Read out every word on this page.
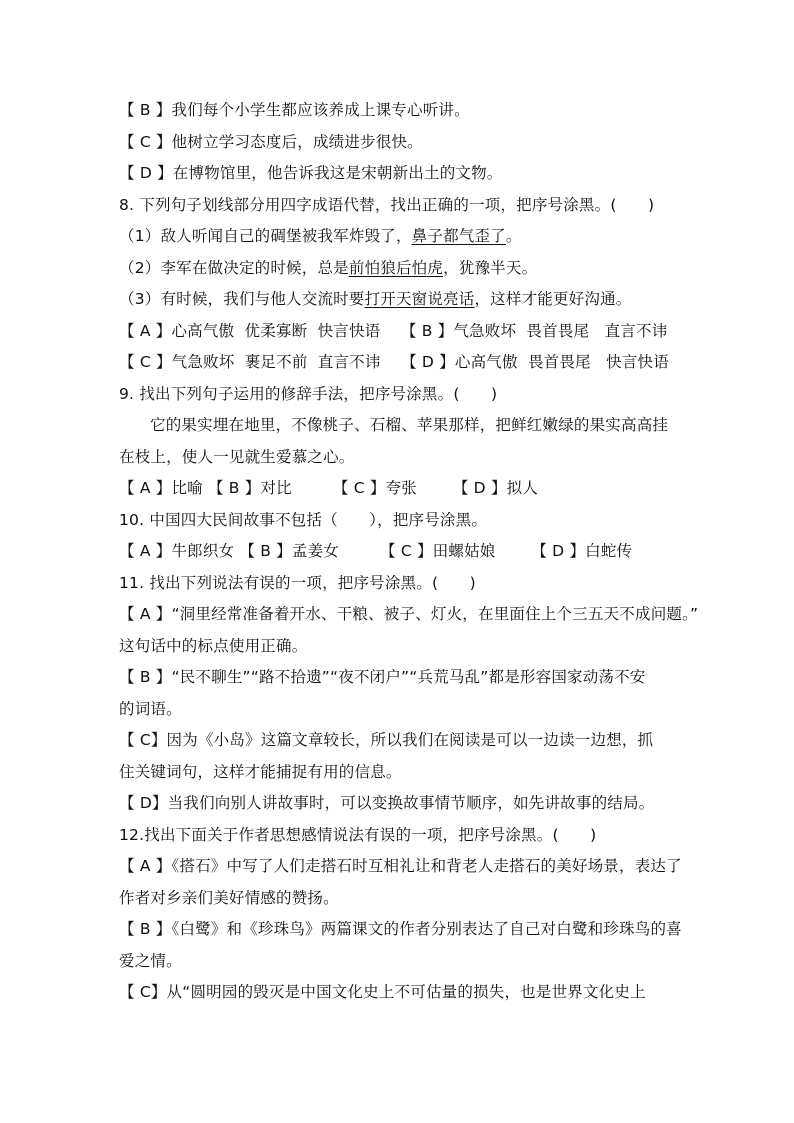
【 B 】我们每个小学生都应该养成上课专心听讲。
【 C 】他树立学习态度后，成绩进步很快。
【 D 】在博物馆里，他告诉我这是宋朝新出土的文物。
8. 下列句子划线部分用四字成语代替，找出正确的一项，把序号涂黑。(　　)
（1）敌人听闻自己的碉堡被我军炸毁了，鼻子都气歪了。
（2）李军在做决定的时候，总是前怕狼后怕虎，犹豫半天。
（3）有时候，我们与他人交流时要打开天窗说亮话，这样才能更好沟通。
【 A 】心高气傲  优柔寡断  快言快语    【 B 】气急败坏  畏首畏尾   直言不讳
【 C 】气急败坏  裹足不前  直言不讳    【 D 】心高气傲  畏首畏尾   快言快语
9. 找出下列句子运用的修辞手法，把序号涂黑。(　　)
它的果实埋在地里，不像桃子、石榴、苹果那样，把鲜红嫩绿的果实高高挂
在枝上，使人一见就生爱慕之心。
【 A 】比喻 【 B 】对比        【 C 】夸张       【 D 】拟人
10. 中国四大民间故事不包括（　　），把序号涂黑。
【 A 】牛郎织女 【 B 】孟姜女        【 C 】田螺姑娘       【 D 】白蛇传
11. 找出下列说法有误的一项，把序号涂黑。(　　)
【 A 】“洞里经常准备着开水、干粮、被子、灯火，在里面住上个三五天不成问题。”
这句话中的标点使用正确。
【 B 】“民不聊生”“路不拾遗”“夜不闭户”“兵荒马乱”都是形容国家动荡不安
的词语。
【 C】因为《小岛》这篇文章较长，所以我们在阅读是可以一边读一边想，抓
住关键词句，这样才能捕捉有用的信息。
【 D】当我们向别人讲故事时，可以变换故事情节顺序，如先讲故事的结局。
12.找出下面关于作者思想感情说法有误的一项，把序号涂黑。(　　)
【 A 】《搭石》中写了人们走搭石时互相礼让和背老人走搭石的美好场景，表达了
作者对乡亲们美好情感的赞扬。
【 B 】《白鹭》和《珍珠鸟》两篇课文的作者分别表达了自己对白鹭和珍珠鸟的喜
爱之情。
【 C】从“圆明园的毁灭是中国文化史上不可估量的损失，也是世界文化史上
